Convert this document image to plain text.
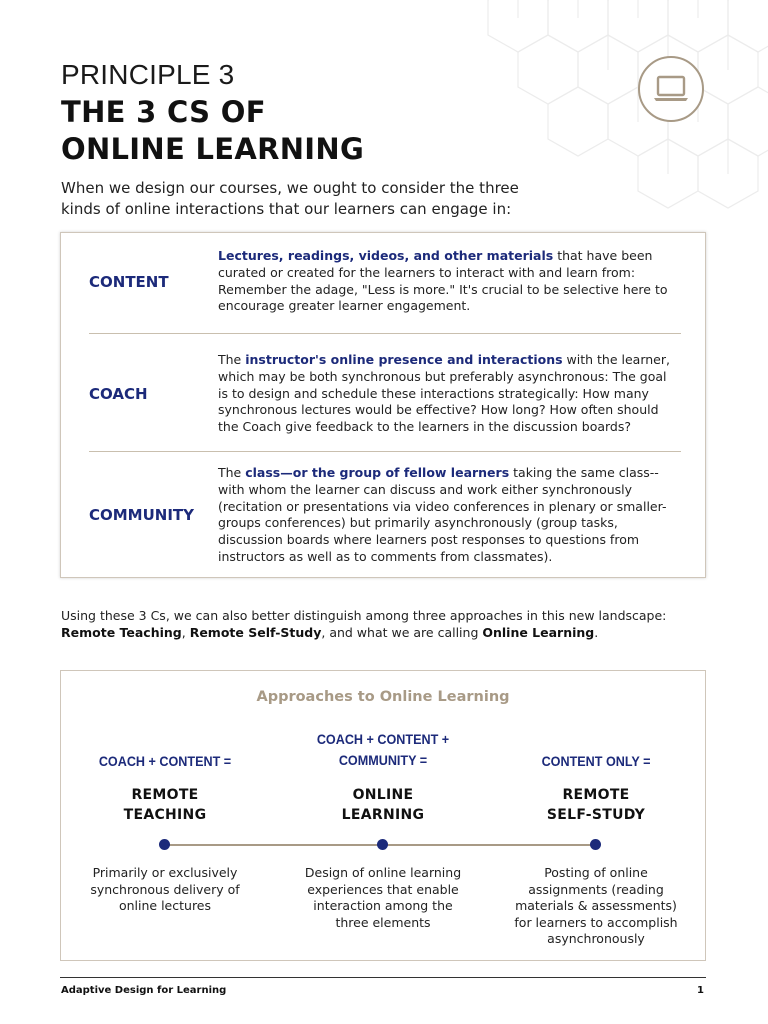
PRINCIPLE 3
THE 3 CS OF
ONLINE LEARNING
When we design our courses, we ought to consider the three kinds of online interactions that our learners can engage in:
CONTENT
Lectures, readings, videos, and other materials that have been curated or created for the learners to interact with and learn from: Remember the adage, "Less is more." It's crucial to be selective here to encourage greater learner engagement.
COACH
The instructor's online presence and interactions with the learner, which may be both synchronous but preferably asynchronous: The goal is to design and schedule these interactions strategically: How many synchronous lectures would be effective? How long? How often should the Coach give feedback to the learners in the discussion boards?
COMMUNITY
The class—or the group of fellow learners taking the same class--with whom the learner can discuss and work either synchronously (recitation or presentations via video conferences in plenary or smaller-groups conferences) but primarily asynchronously (group tasks, discussion boards where learners post responses to questions from instructors as well as to comments from classmates).
Using these 3 Cs, we can also better distinguish among three approaches in this new landscape: Remote Teaching, Remote Self-Study, and what we are calling Online Learning.
Approaches to Online Learning
COACH + CONTENT =
REMOTE
TEACHING
Primarily or exclusively
synchronous delivery of
online lectures
COACH + CONTENT +
COMMUNITY =
ONLINE
LEARNING
Design of online learning
experiences that enable
interaction among the
three elements
CONTENT ONLY =
REMOTE
SELF-STUDY
Posting of online
assignments (reading
materials & assessments)
for learners to accomplish
asynchronously
Adaptive Design for Learning	1
